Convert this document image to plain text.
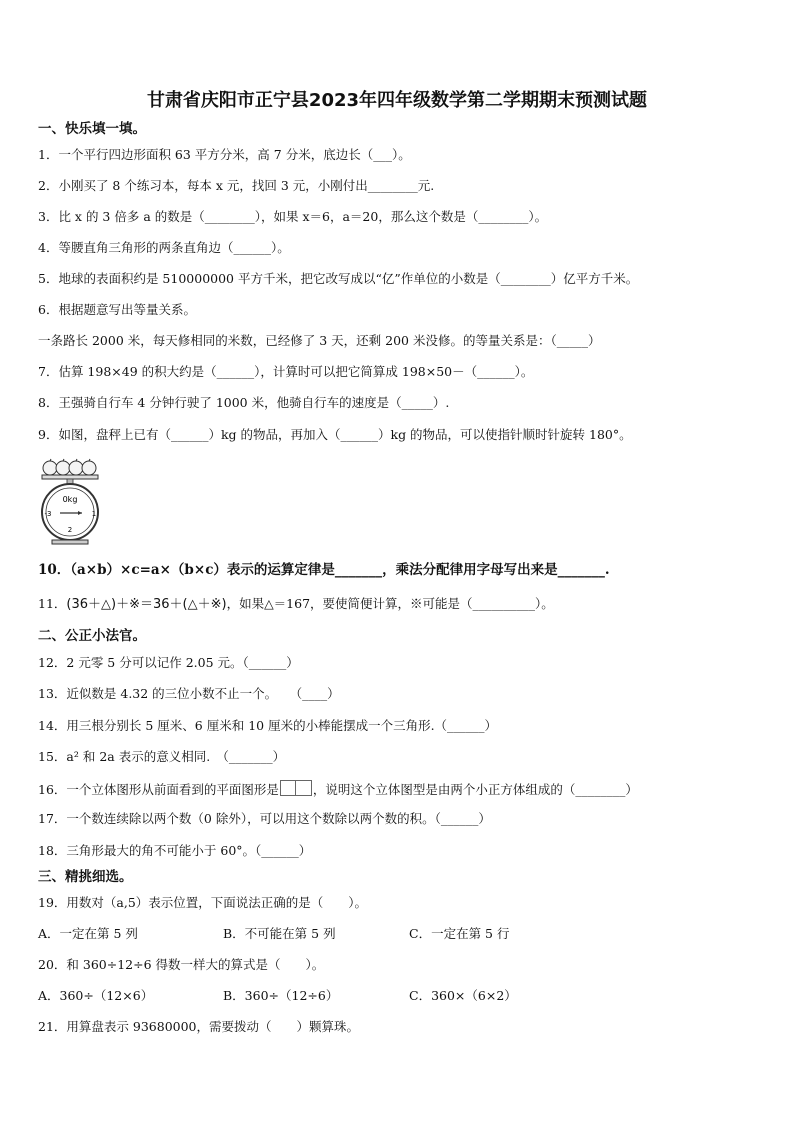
甘肃省庆阳市正宁县2023年四年级数学第二学期期末预测试题
一、快乐填一填。
1．一个平行四边形面积 63 平方分米，高 7 分米，底边长（___）。
2．小刚买了 8 个练习本，每本 x 元，找回 3 元，小刚付出________元.
3．比 x 的 3 倍多 a 的数是（________），如果 x＝6，a＝20，那么这个数是（________）。
4．等腰直角三角形的两条直角边（______）。
5．地球的表面积约是 510000000 平方千米，把它改写成以“亿”作单位的小数是（________）亿平方千米。
6．根据题意写出等量关系。
一条路长 2000 米，每天修相同的米数，已经修了 3 天，还剩 200 米没修。的等量关系是：（_____）
7．估算 198×49 的积大约是（______），计算时可以把它简算成 198×50－（______）。
8．王强骑自行车 4 分钟行驶了 1000 米，他骑自行车的速度是（_____）.
9．如图，盘秤上已有（______）kg 的物品，再加入（______）kg 的物品，可以使指针顺时针旋转 180°。
0kg
1
-3
2
10．（a×b）×c=a×（b×c）表示的运算定律是_______，乘法分配律用字母写出来是_______.
11．(36＋△)＋※＝36＋(△＋※)，如果△＝167，要使简便计算，※可能是（__________）。
二、公正小法官。
12．2 元零 5 分可以记作 2.05 元。（______）
13．近似数是 4.32 的三位小数不止一个。　　（____）
14．用三根分别长 5 厘米、6 厘米和 10 厘米的小棒能摆成一个三角形.（______）
15．a² 和 2a 表示的意义相同.　（_______）
16．一个立体图形从前面看到的平面图形是	，说明这个立体图型是由两个小正方体组成的（________）
17．一个数连续除以两个数（0 除外），可以用这个数除以两个数的积。（______）
18．三角形最大的角不可能小于 60°。（______）
三、精挑细选。
19．用数对（a,5）表示位置，下面说法正确的是（　　）。
A．一定在第 5 列	B．不可能在第 5 列	C．一定在第 5 行
20．和 360÷12÷6 得数一样大的算式是（　　）。
A．360÷（12×6）	B．360÷（12÷6）	C．360×（6×2）
21．用算盘表示 93680000，需要拨动（　　）颗算珠。
